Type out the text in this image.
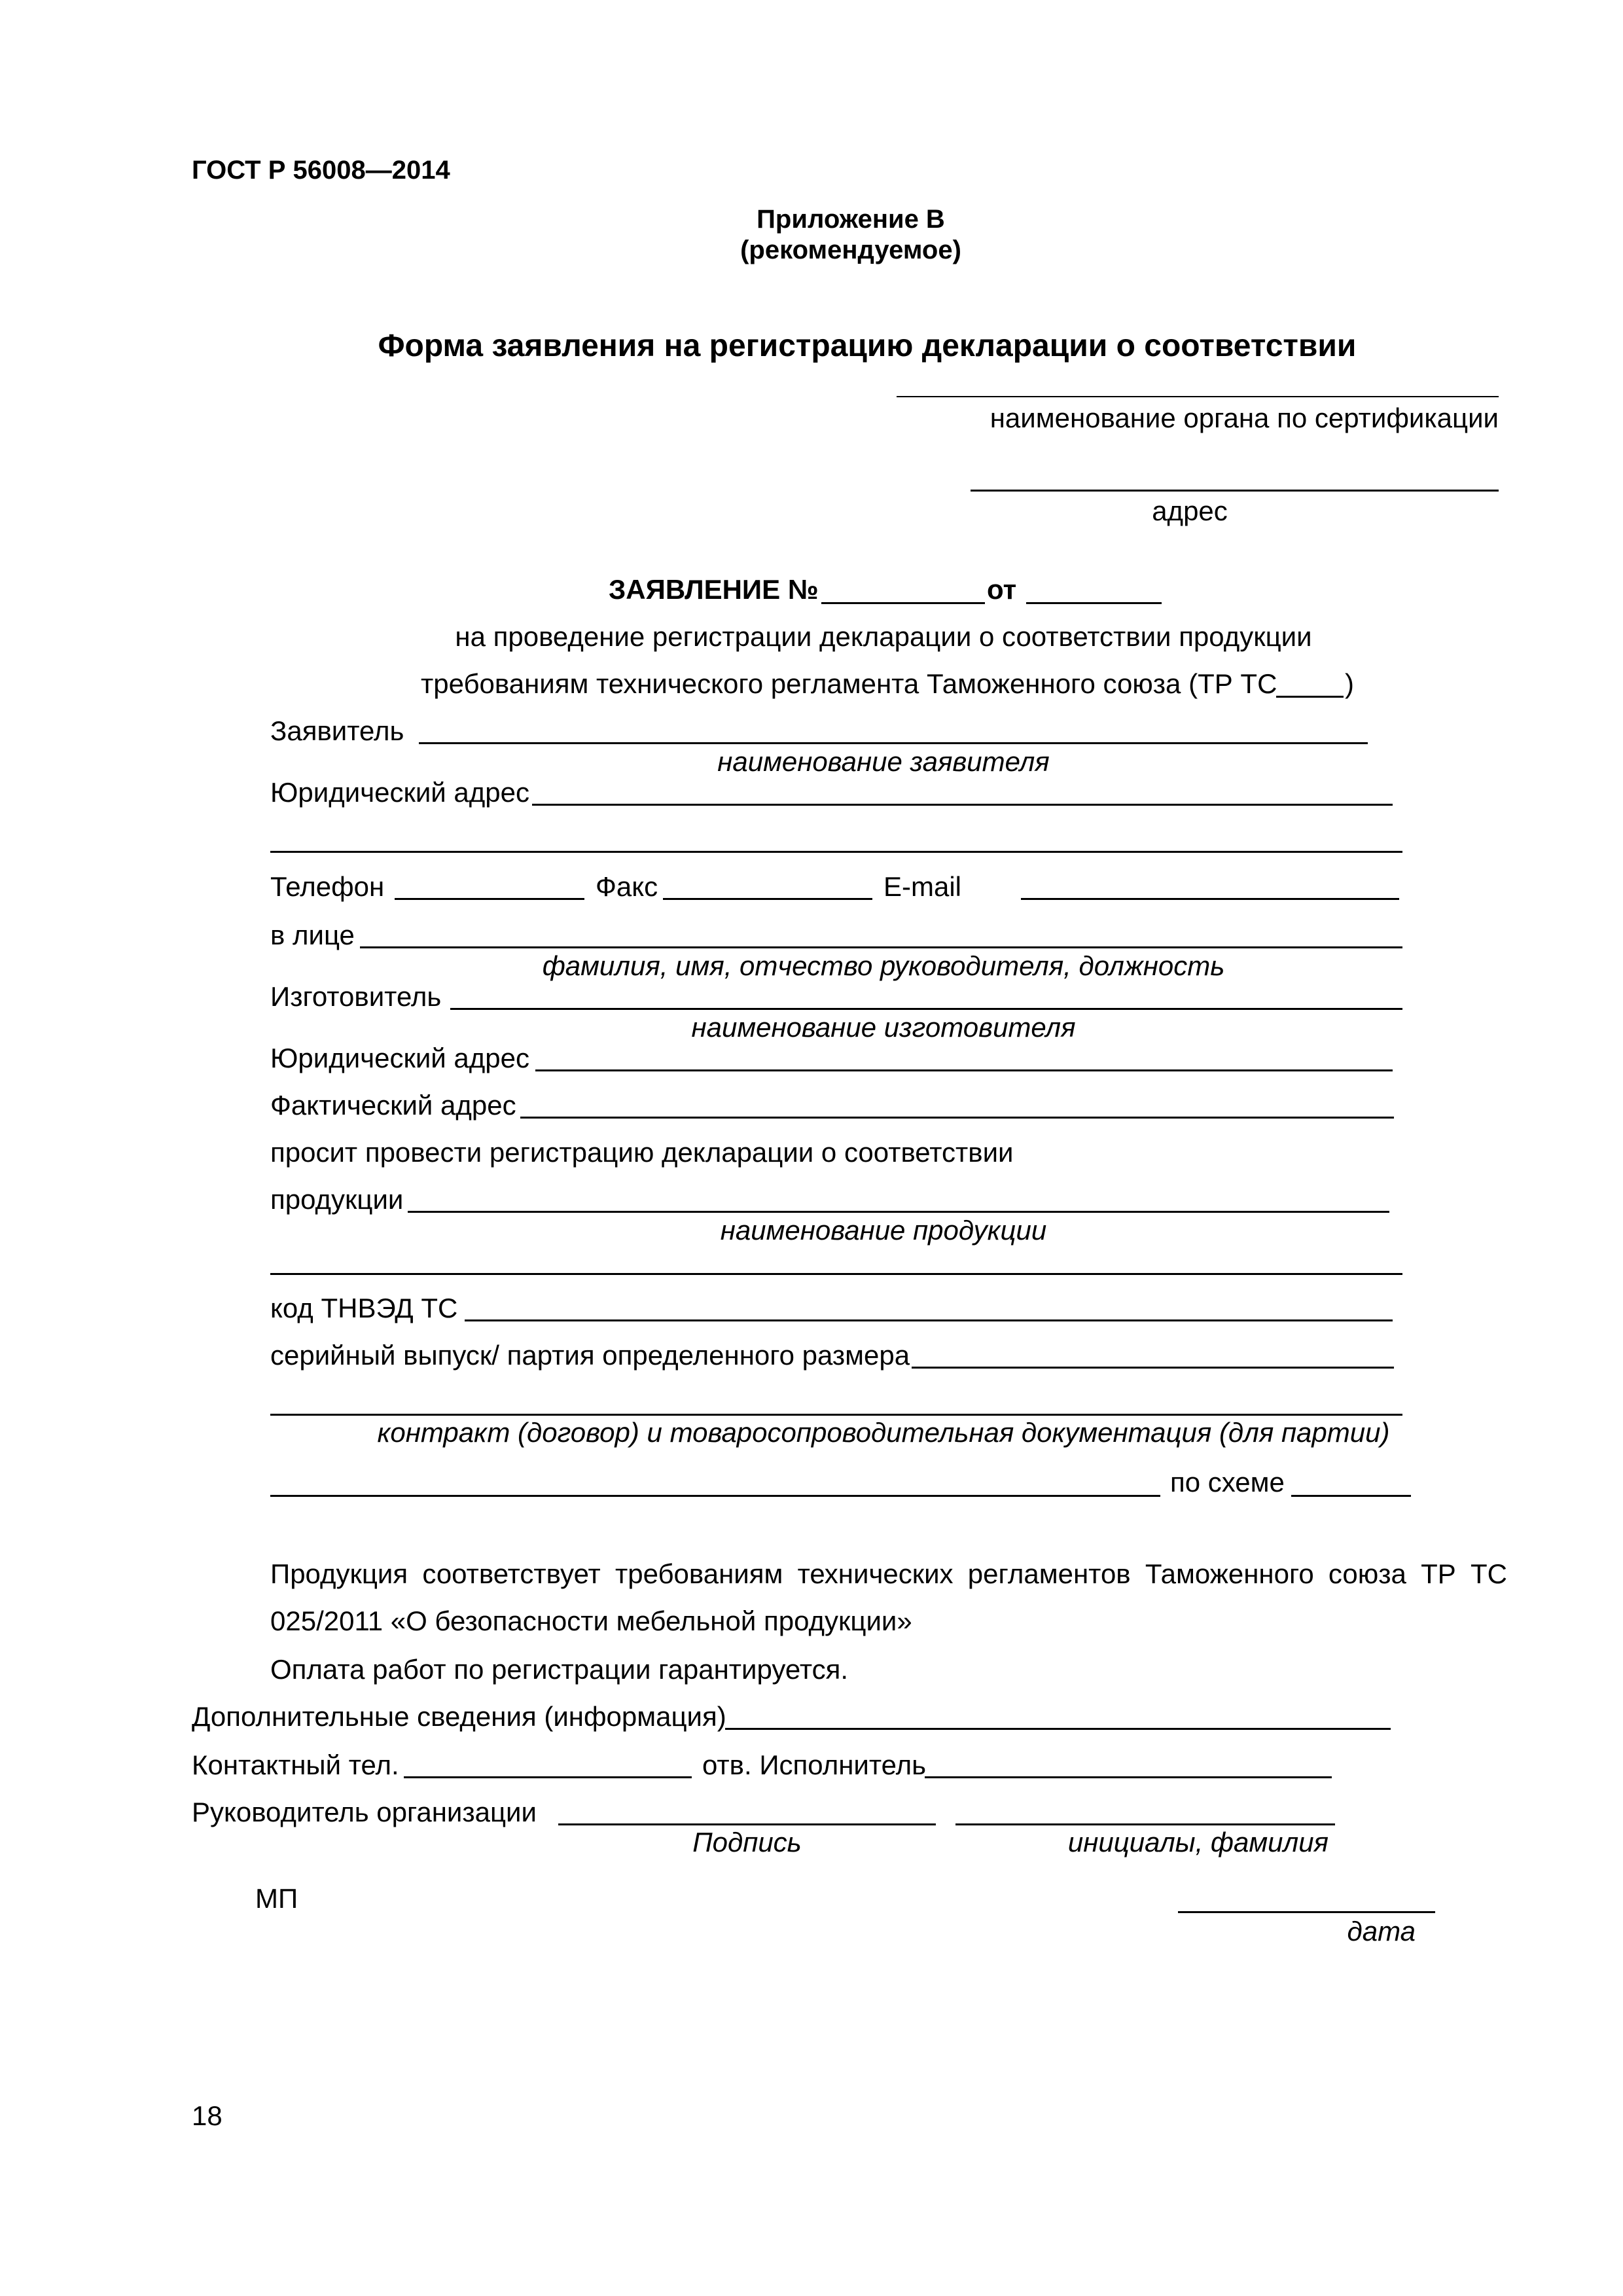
ГОСТ Р 56008—2014
Приложение В
(рекомендуемое)
Форма заявления на регистрацию декларации о соответствии
наименование органа по сертификации
адрес
ЗАЯВЛЕНИЕ №	от
на проведение регистрации декларации о соответствии продукции
требованиям технического регламента Таможенного союза (ТР ТС )
Заявитель
наименование заявителя
Юридический адрес
Телефон	Факс	E-mail
в лице
фамилия, имя, отчество руководителя, должность
Изготовитель
наименование изготовителя
Юридический адрес
Фактический адрес
просит провести регистрацию декларации о соответствии
продукции
наименование продукции
код ТНВЭД ТС
серийный выпуск/ партия определенного размера
контракт (договор) и товаросопроводительная документация (для партии)
по схеме
Продукция соответствует требованиям технических регламентов Таможенного союза ТР ТС
025/2011 «О безопасности мебельной продукции»
Оплата работ по регистрации гарантируется.
Дополнительные сведения (информация)
Контактный тел.	отв. Исполнитель
Руководитель организации
Подпись	инициалы, фамилия
МП
дата
18
